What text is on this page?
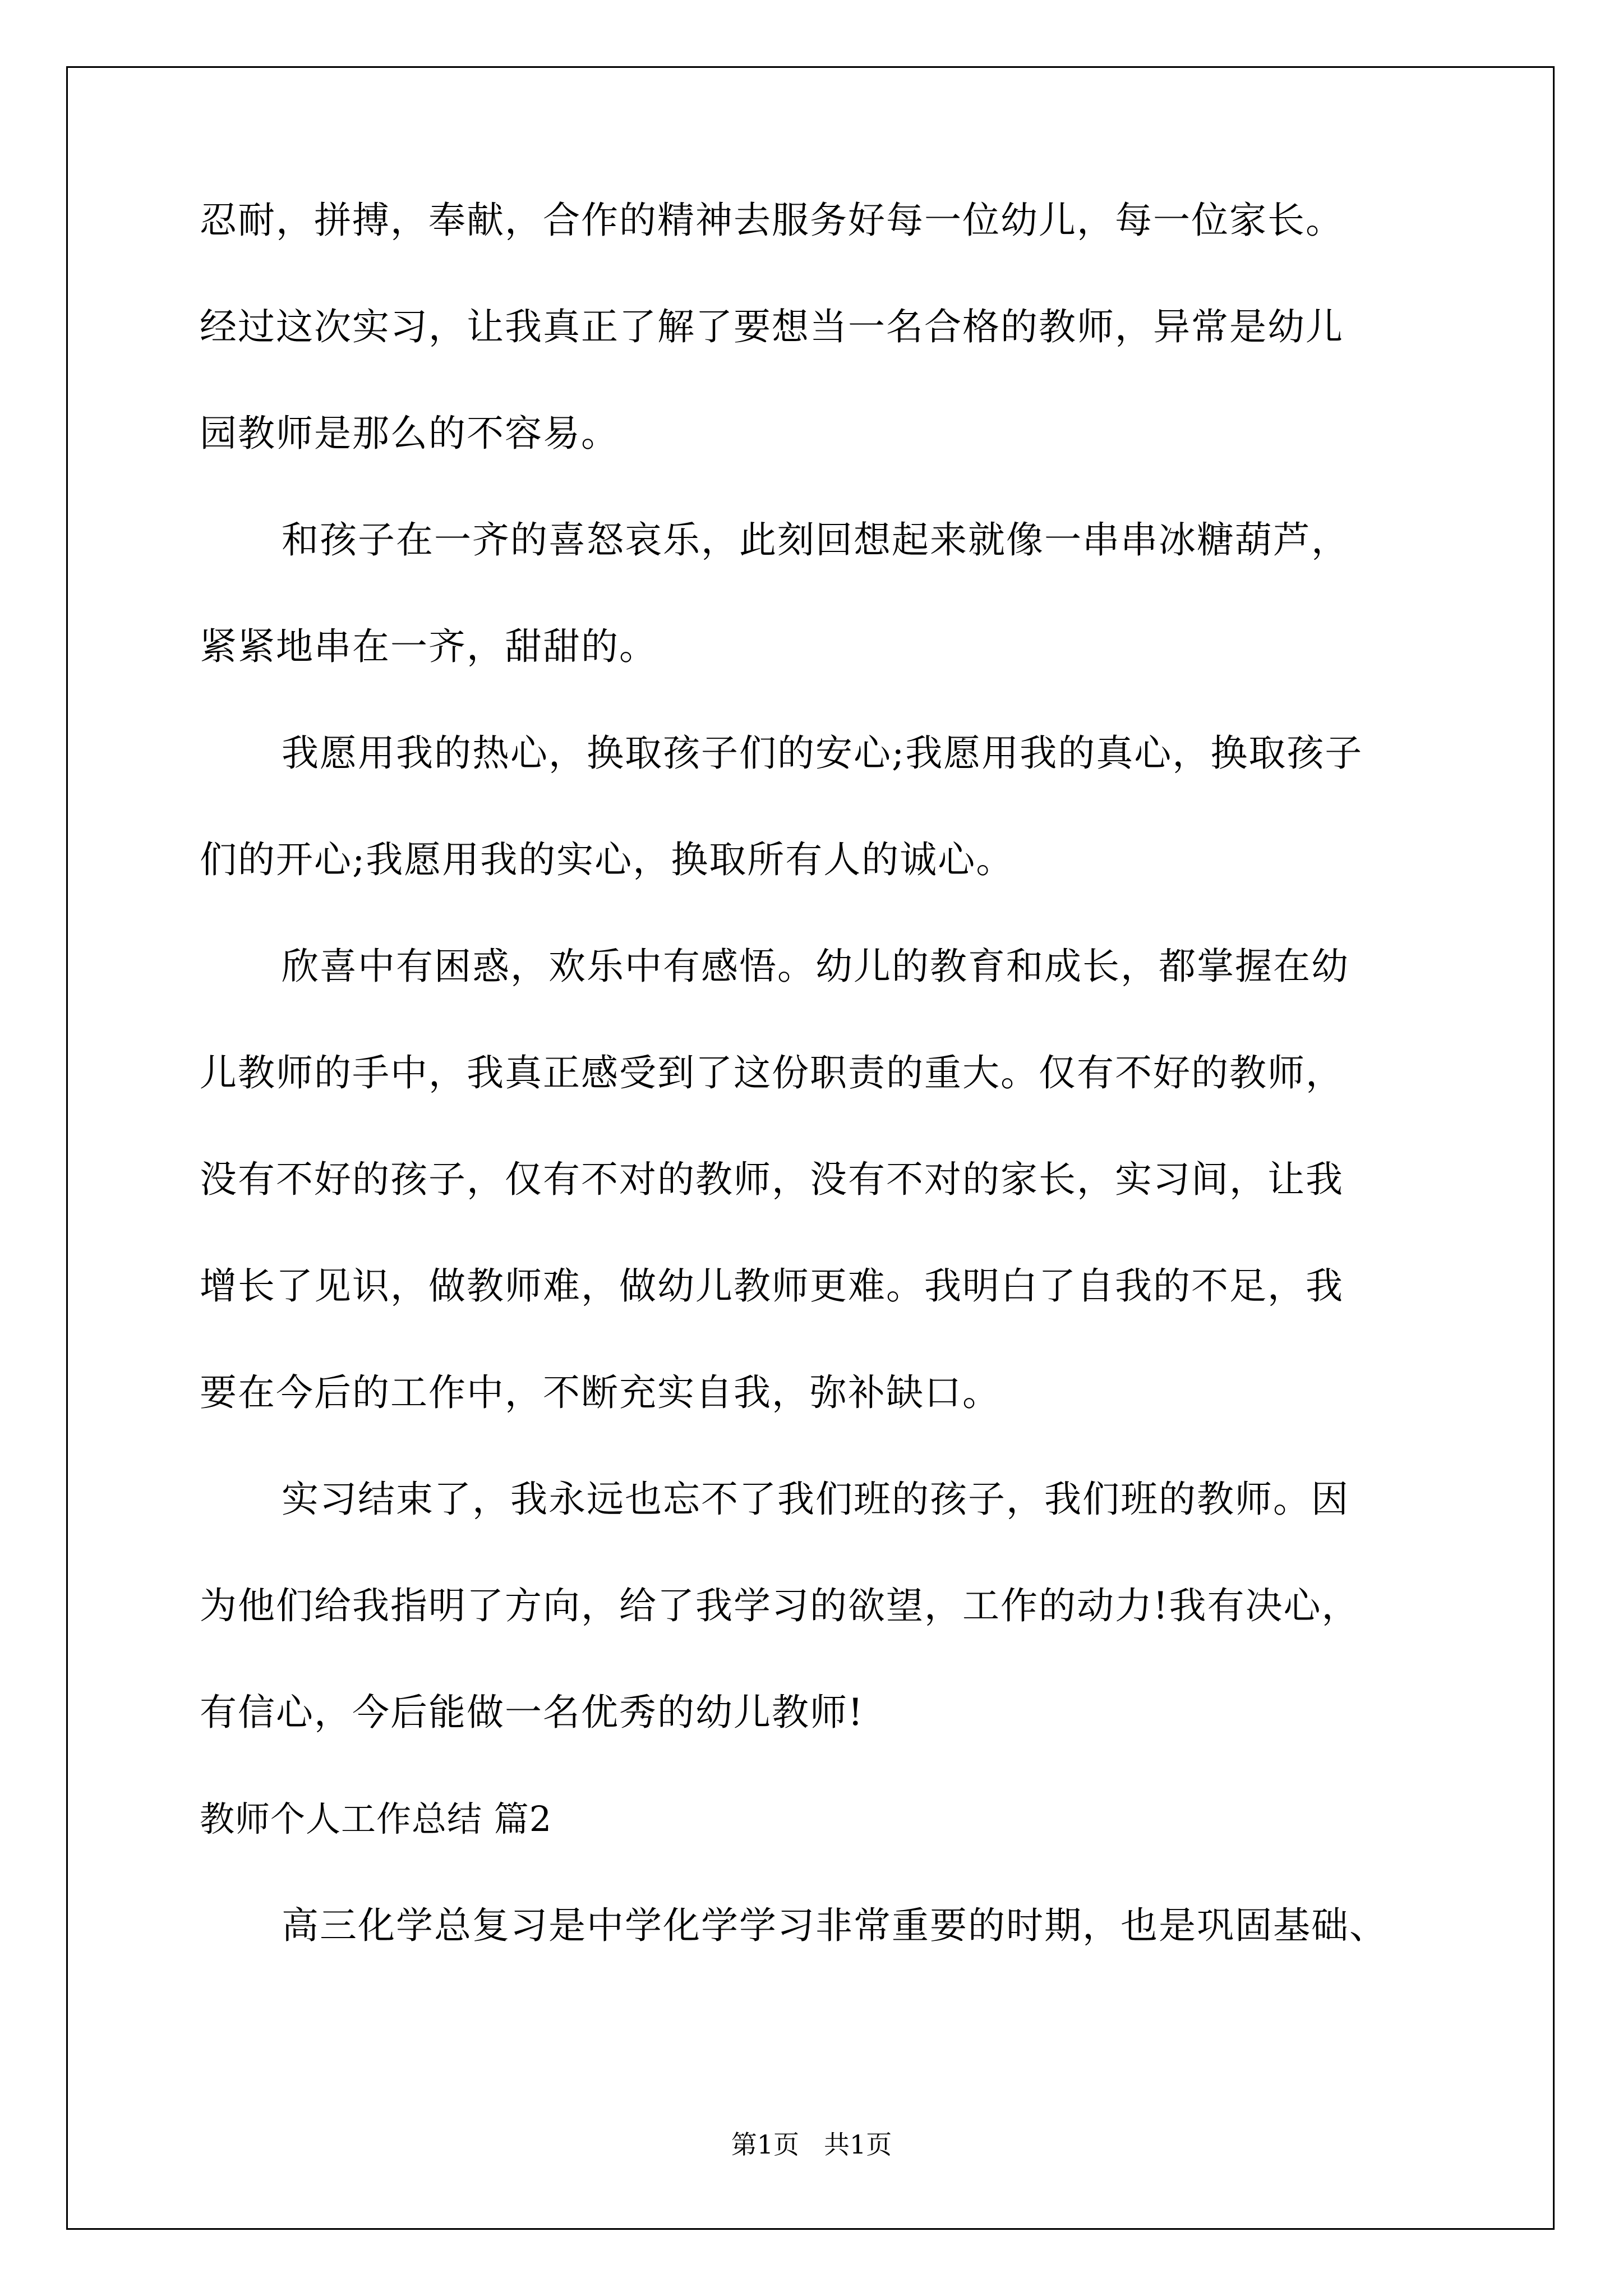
忍耐，拼搏，奉献，合作的精神去服务好每一位幼儿，每一位家长。
经过这次实习，让我真正了解了要想当一名合格的教师，异常是幼儿
园教师是那么的不容易。
和孩子在一齐的喜怒哀乐，此刻回想起来就像一串串冰糖葫芦，
紧紧地串在一齐，甜甜的。
我愿用我的热心，换取孩子们的安心;我愿用我的真心，换取孩子
们的开心;我愿用我的实心，换取所有人的诚心。
欣喜中有困惑，欢乐中有感悟。幼儿的教育和成长，都掌握在幼
儿教师的手中，我真正感受到了这份职责的重大。仅有不好的教师，
没有不好的孩子，仅有不对的教师，没有不对的家长，实习间，让我
增长了见识，做教师难，做幼儿教师更难。我明白了自我的不足，我
要在今后的工作中，不断充实自我，弥补缺口。
实习结束了，我永远也忘不了我们班的孩子，我们班的教师。因
为他们给我指明了方向，给了我学习的欲望，工作的动力!我有决心，
有信心，今后能做一名优秀的幼儿教师!
教师个人工作总结 篇2
高三化学总复习是中学化学学习非常重要的时期，也是巩固基础、
第1页 共1页
